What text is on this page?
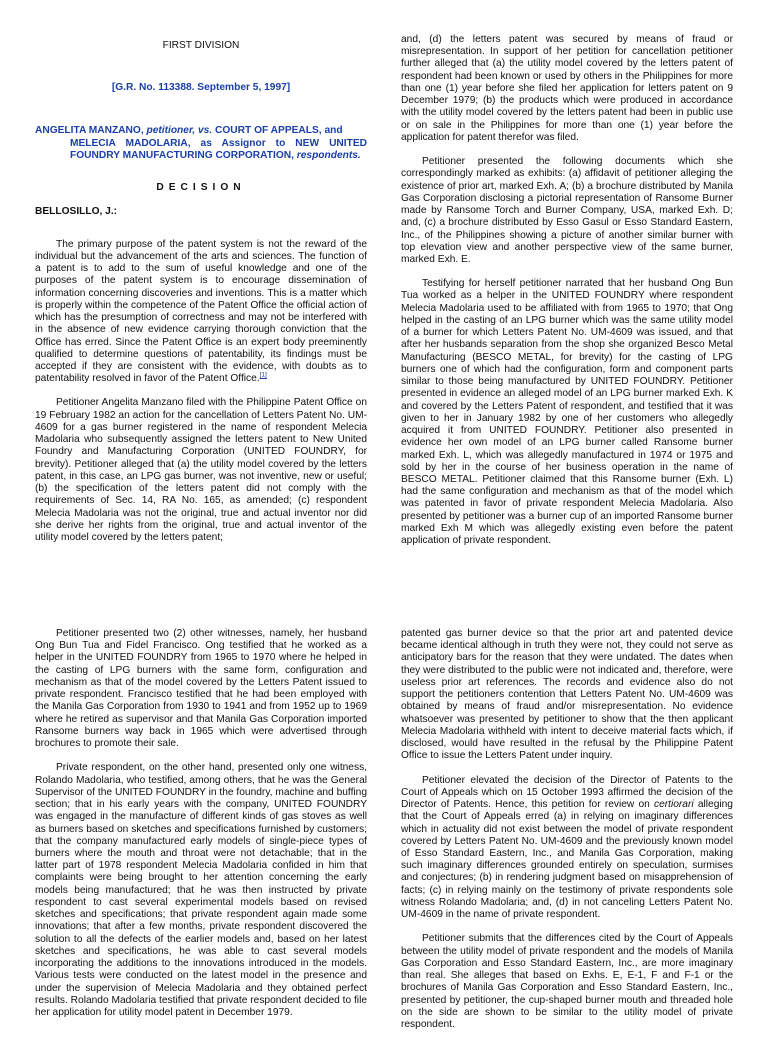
FIRST DIVISION
[G.R. No. 113388. September 5, 1997]
ANGELITA MANZANO, petitioner, vs. COURT OF APPEALS, and
MELECIA MADOLARIA, as Assignor to NEW UNITED FOUNDRY MANUFACTURING CORPORATION, respondents.
DECISION
BELLOSILLO, J.:

The primary purpose of the patent system is not the reward of the individual but the advancement of the arts and sciences. The function of a patent is to add to the sum of useful knowledge and one of the purposes of the patent system is to encourage dissemination of information concerning discoveries and inventions. This is a matter which is properly within the competence of the Patent Office the official action of which has the presumption of correctness and may not be interfered with in the absence of new evidence carrying thorough conviction that the Office has erred. Since the Patent Office is an expert body preeminently qualified to determine questions of patentability, its findings must be accepted if they are consistent with the evidence, with doubts as to patentability resolved in favor of the Patent Office.[1]

Petitioner Angelita Manzano filed with the Philippine Patent Office on 19 February 1982 an action for the cancellation of Letters Patent No. UM-4609 for a gas burner registered in the name of respondent Melecia Madolaria who subsequently assigned the letters patent to New United Foundry and Manufacturing Corporation (UNITED FOUNDRY, for brevity). Petitioner alleged that (a) the utility model covered by the letters patent, in this case, an LPG gas burner, was not inventive, new or useful; (b) the specification of the letters patent did not comply with the requirements of Sec. 14, RA No. 165, as amended; (c) respondent Melecia Madolaria was not the original, true and actual inventor nor did she derive her rights from the original, true and actual inventor of the utility model covered by the letters patent;

and, (d) the letters patent was secured by means of fraud or misrepresentation. In support of her petition for cancellation petitioner further alleged that (a) the utility model covered by the letters patent of respondent had been known or used by others in the Philippines for more than one (1) year before she filed her application for letters patent on 9 December 1979; (b) the products which were produced in accordance with the utility model covered by the letters patent had been in public use or on sale in the Philippines for more than one (1) year before the application for patent therefor was filed.

Petitioner presented the following documents which she correspondingly marked as exhibits: (a) affidavit of petitioner alleging the existence of prior art, marked Exh. A; (b) a brochure distributed by Manila Gas Corporation disclosing a pictorial representation of Ransome Burner made by Ransome Torch and Burner Company, USA, marked Exh. D; and, (c) a brochure distributed by Esso Gasul or Esso Standard Eastern, Inc., of the Philippines showing a picture of another similar burner with top elevation view and another perspective view of the same burner, marked Exh. E.

Testifying for herself petitioner narrated that her husband Ong Bun Tua worked as a helper in the UNITED FOUNDRY where respondent Melecia Madolaria used to be affiliated with from 1965 to 1970; that Ong helped in the casting of an LPG burner which was the same utility model of a burner for which Letters Patent No. UM-4609 was issued, and that after her husbands separation from the shop she organized Besco Metal Manufacturing (BESCO METAL, for brevity) for the casting of LPG burners one of which had the configuration, form and component parts similar to those being manufactured by UNITED FOUNDRY. Petitioner presented in evidence an alleged model of an LPG burner marked Exh. K and covered by the Letters Patent of respondent, and testified that it was given to her in January 1982 by one of her customers who allegedly acquired it from UNITED FOUNDRY. Petitioner also presented in evidence her own model of an LPG burner called Ransome burner marked Exh. L, which was allegedly manufactured in 1974 or 1975 and sold by her in the course of her business operation in the name of BESCO METAL. Petitioner claimed that this Ransome burner (Exh. L) had the same configuration and mechanism as that of the model which was patented in favor of private respondent Melecia Madolaria. Also presented by petitioner was a burner cup of an imported Ransome burner marked Exh M which was allegedly existing even before the patent application of private respondent.

Petitioner presented two (2) other witnesses, namely, her husband Ong Bun Tua and Fidel Francisco. Ong testified that he worked as a helper in the UNITED FOUNDRY from 1965 to 1970 where he helped in the casting of LPG burners with the same form, configuration and mechanism as that of the model covered by the Letters Patent issued to private respondent. Francisco testified that he had been employed with the Manila Gas Corporation from 1930 to 1941 and from 1952 up to 1969 where he retired as supervisor and that Manila Gas Corporation imported Ransome burners way back in 1965 which were advertised through brochures to promote their sale.

Private respondent, on the other hand, presented only one witness, Rolando Madolaria, who testified, among others, that he was the General Supervisor of the UNITED FOUNDRY in the foundry, machine and buffing section; that in his early years with the company, UNITED FOUNDRY was engaged in the manufacture of different kinds of gas stoves as well as burners based on sketches and specifications furnished by customers; that the company manufactured early models of single-piece types of burners where the mouth and throat were not detachable; that in the latter part of 1978 respondent Melecia Madolaria confided in him that complaints were being brought to her attention concerning the early models being manufactured; that he was then instructed by private respondent to cast several experimental models based on revised sketches and specifications; that private respondent again made some innovations; that after a few months, private respondent discovered the solution to all the defects of the earlier models and, based on her latest sketches and specifications, he was able to cast several models incorporating the additions to the innovations introduced in the models. Various tests were conducted on the latest model in the presence and under the supervision of Melecia Madolaria and they obtained perfect results. Rolando Madolaria testified that private respondent decided to file her application for utility model patent in December 1979.

patented gas burner device so that the prior art and patented device became identical although in truth they were not, they could not serve as anticipatory bars for the reason that they were undated. The dates when they were distributed to the public were not indicated and, therefore, were useless prior art references. The records and evidence also do not support the petitioners contention that Letters Patent No. UM-4609 was obtained by means of fraud and/or misrepresentation. No evidence whatsoever was presented by petitioner to show that the then applicant Melecia Madolaria withheld with intent to deceive material facts which, if disclosed, would have resulted in the refusal by the Philippine Patent Office to issue the Letters Patent under inquiry.

Petitioner elevated the decision of the Director of Patents to the Court of Appeals which on 15 October 1993 affirmed the decision of the Director of Patents. Hence, this petition for review on certiorari alleging that the Court of Appeals erred (a) in relying on imaginary differences which in actuality did not exist between the model of private respondent covered by Letters Patent No. UM-4609 and the previously known model of Esso Standard Eastern, Inc., and Manila Gas Corporation, making such imaginary differences grounded entirely on speculation, surmises and conjectures; (b) in rendering judgment based on misapprehension of facts; (c) in relying mainly on the testimony of private respondents sole witness Rolando Madolaria; and, (d) in not canceling Letters Patent No. UM-4609 in the name of private respondent.

Petitioner submits that the differences cited by the Court of Appeals between the utility model of private respondent and the models of Manila Gas Corporation and Esso Standard Eastern, Inc., are more imaginary than real. She alleges that based on Exhs. E, E-1, F and F-1 or the brochures of Manila Gas Corporation and Esso Standard Eastern, Inc., presented by petitioner, the cup-shaped burner mouth and threaded hole on the side are shown to be similar to the utility model of private respondent.
